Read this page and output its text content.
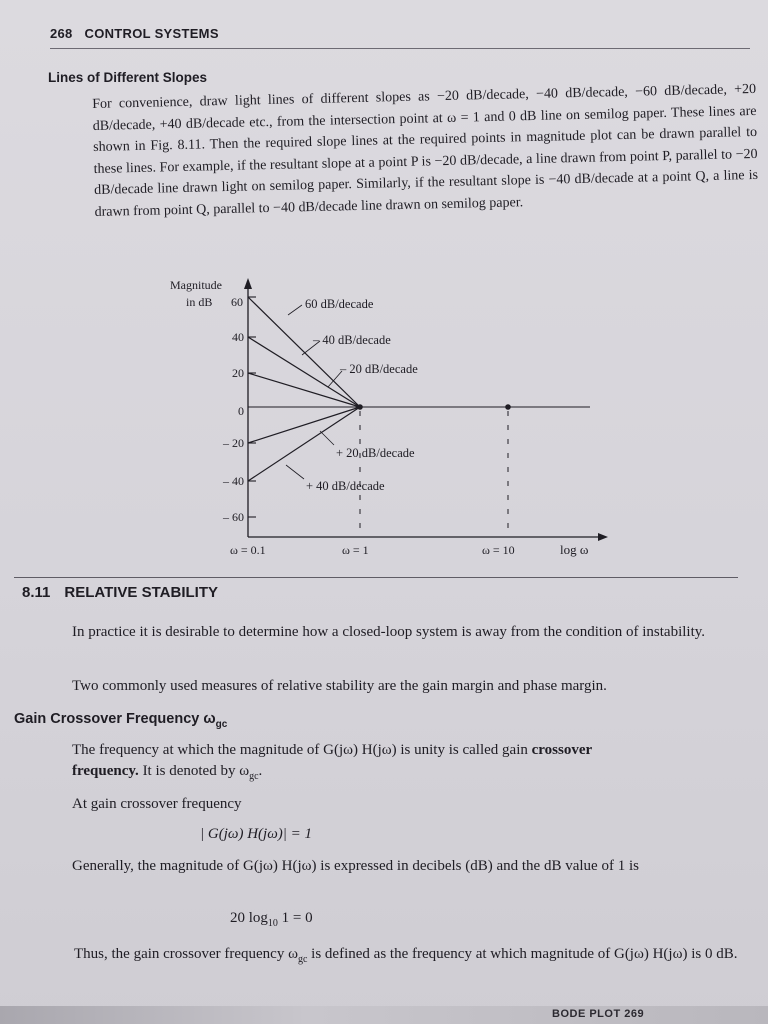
268 CONTROL SYSTEMS
Lines of Different Slopes
For convenience, draw light lines of different slopes as −20 dB/decade, −40 dB/decade, −60 dB/decade, +20 dB/decade, +40 dB/decade etc., from the intersection point at ω = 1 and 0 dB line on semilog paper. These lines are shown in Fig. 8.11. Then the required slope lines at the required points in magnitude plot can be drawn parallel to these lines. For example, if the resultant slope at a point P is −20 dB/decade, a line drawn from point P, parallel to −20 dB/decade line drawn light on semilog paper. Similarly, if the resultant slope is −40 dB/decade at a point Q, a line is drawn from point Q, parallel to −40 dB/decade line drawn on semilog paper.
Magnitude
in dB 60
40
20
0
– 20
– 40
– 60
ω = 0.1	ω = 1	ω = 10	log ω
60 dB/decade
– 40 dB/decade
– 20 dB/decade
+ 20 dB/decade
+ 40 dB/decade
8.11 RELATIVE STABILITY
In practice it is desirable to determine how a closed-loop system is away from the condition of instability.
Two commonly used measures of relative stability are the gain margin and phase margin.
Gain Crossover Frequency $\omega_{gc}$
The frequency at which the magnitude of G(jω) H(jω) is unity is called gain crossover
frequency. It is denoted by $\omega_{gc}$.
At gain crossover frequency
| G(jω) H(jω)| = 1
Generally, the magnitude of G(jω) H(jω) is expressed in decibels (dB) and the dB value of 1 is
20 $\log_{10} 1 = 0$
Thus, the gain crossover frequency $\omega_{gc}$ is defined as the frequency at which magnitude of G(jω) H(jω) is 0 dB.
BODE PLOT 269
